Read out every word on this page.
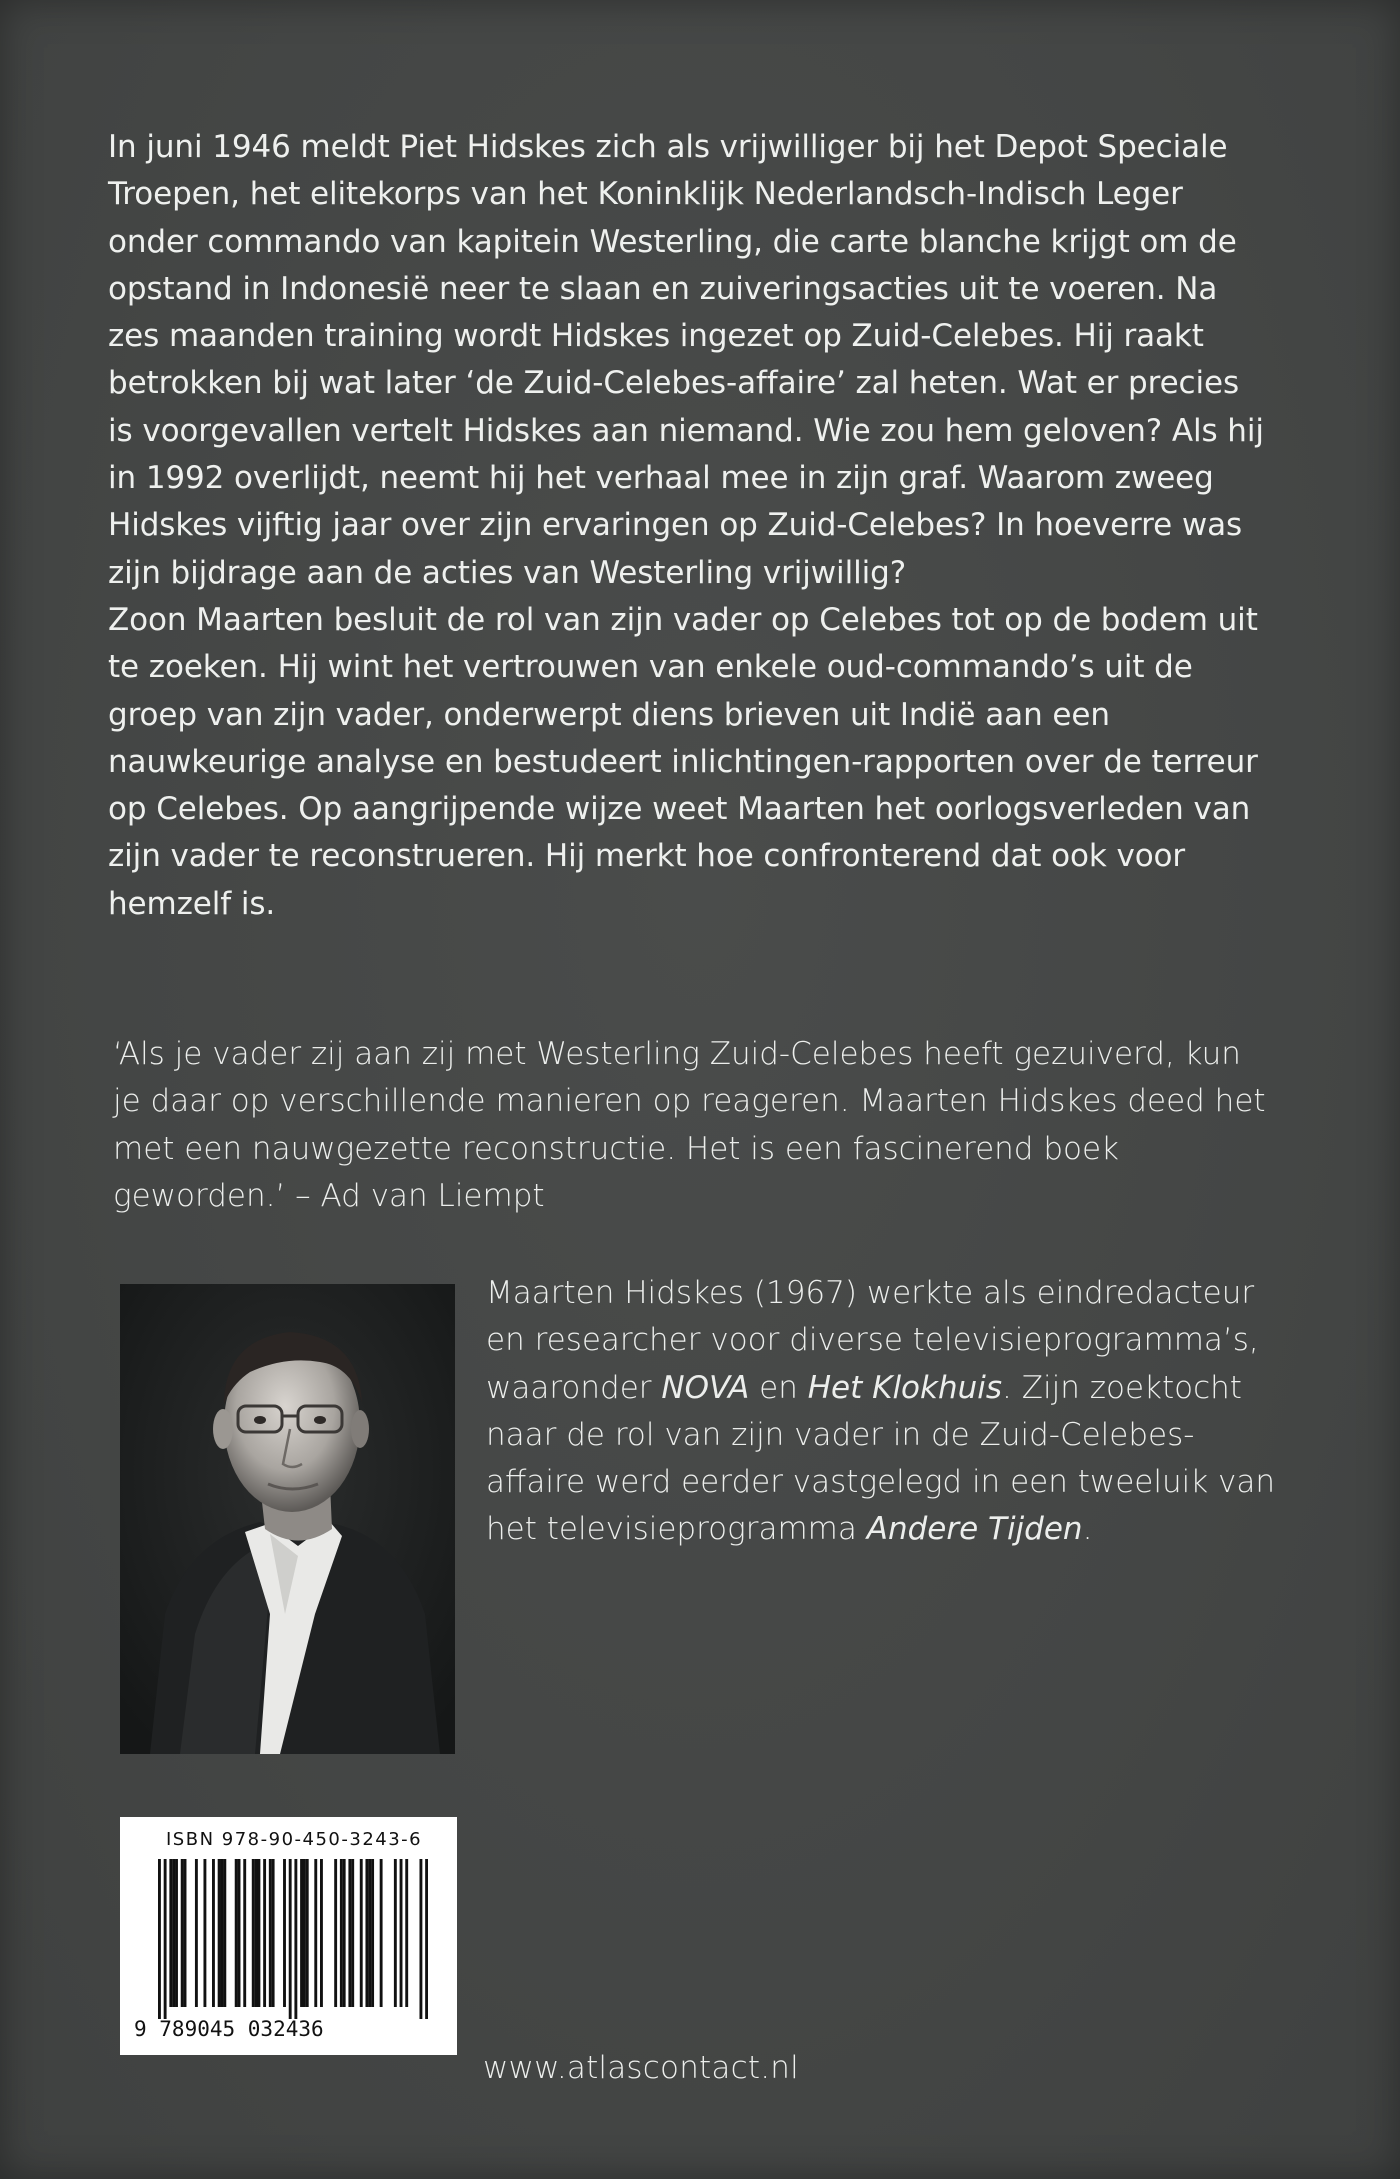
In juni 1946 meldt Piet Hidskes zich als vrijwilliger bij het Depot Speciale Troepen, het elitekorps van het Koninklijk Nederlandsch-Indisch Leger onder commando van kapitein Westerling, die carte blanche krijgt om de opstand in Indonesië neer te slaan en zuiveringsacties uit te voeren. Na zes maanden training wordt Hidskes ingezet op Zuid-Celebes. Hij raakt betrokken bij wat later ‘de Zuid-Celebes-affaire’ zal heten. Wat er precies is voorgevallen vertelt Hidskes aan niemand. Wie zou hem geloven? Als hij in 1992 overlijdt, neemt hij het verhaal mee in zijn graf. Waarom zweeg Hidskes vijftig jaar over zijn ervaringen op Zuid-Celebes? In hoeverre was zijn bijdrage aan de acties van Westerling vrijwillig?

Zoon Maarten besluit de rol van zijn vader op Celebes tot op de bodem uit te zoeken. Hij wint het vertrouwen van enkele oud-commando’s uit de groep van zijn vader, onderwerpt diens brieven uit Indië aan een nauwkeurige analyse en bestudeert inlichtingen-rapporten over de terreur op Celebes. Op aangrijpende wijze weet Maarten het oorlogsverleden van zijn vader te reconstrueren. Hij merkt hoe confronterend dat ook voor hemzelf is.

‘Als je vader zij aan zij met Westerling Zuid-Celebes heeft gezuiverd, kun je daar op verschillende manieren op reageren. Maarten Hidskes deed het met een nauwgezette reconstructie. Het is een fascinerend boek geworden.’ – Ad van Liempt

Maarten Hidskes (1967) werkte als eindredacteur en researcher voor diverse televisieprogramma’s, waaronder NOVA en Het Klokhuis. Zijn zoektocht naar de rol van zijn vader in de Zuid-Celebes-affaire werd eerder vastgelegd in een tweeluik van het televisieprogramma Andere Tijden.

ISBN 978-90-450-3243-6
9 789045 032436
www.atlascontact.nl
